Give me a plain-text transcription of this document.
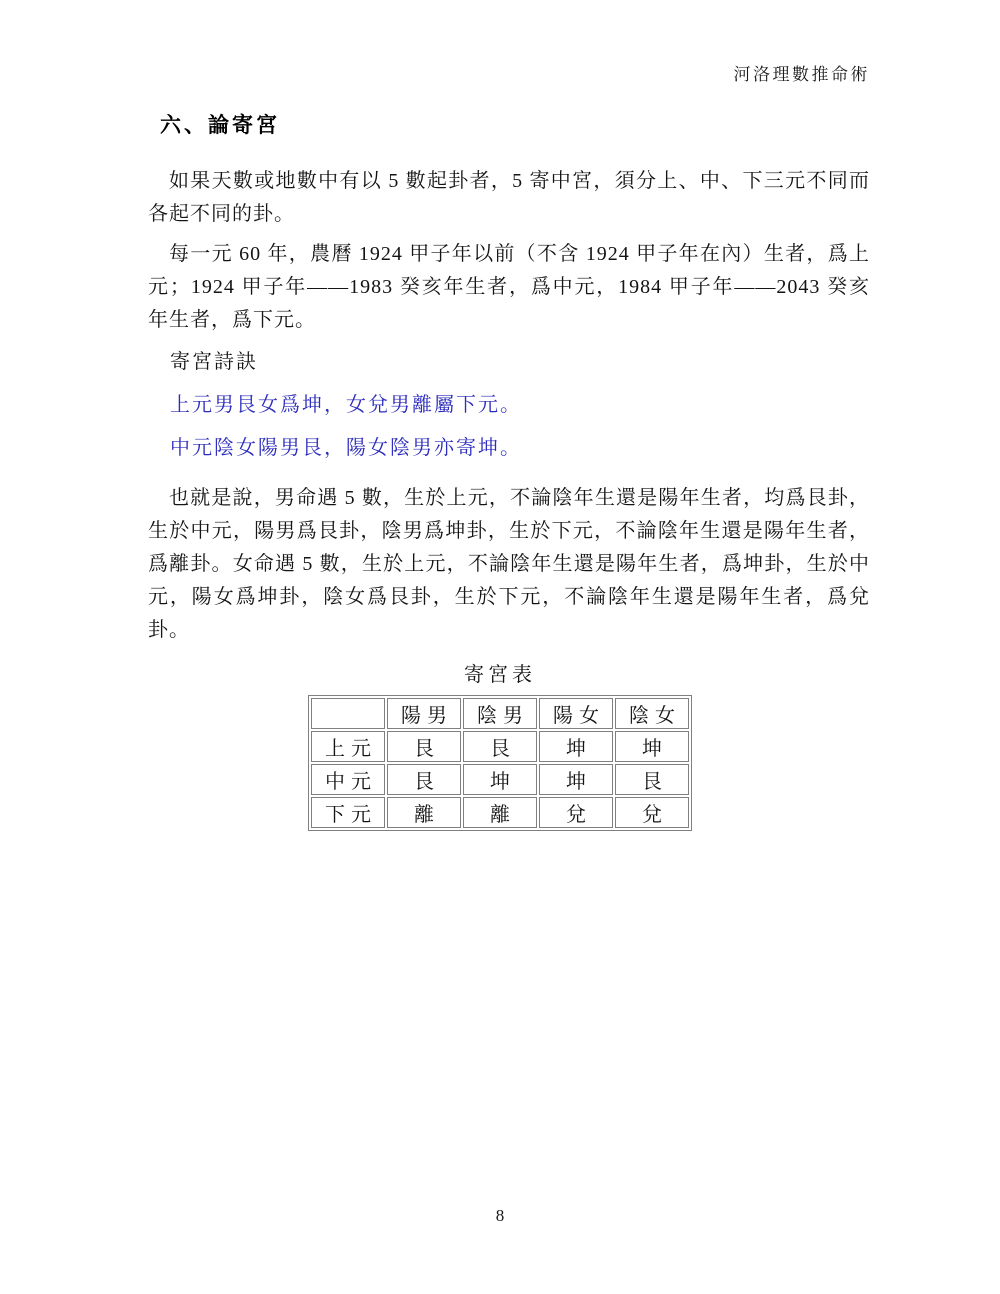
河洛理數推命術
六、論寄宮

如果天數或地數中有以 5 數起卦者，5 寄中宮，須分上、中、下三元不同而各起不同的卦。

每一元 60 年，農曆 1924 甲子年以前（不含 1924 甲子年在內）生者，爲上元；1924 甲子年——1983 癸亥年生者，爲中元，1984 甲子年——2043 癸亥年生者，爲下元。

寄宮詩訣
上元男艮女爲坤，女兌男離屬下元。
中元陰女陽男艮，陽女陰男亦寄坤。

也就是說，男命遇 5 數，生於上元，不論陰年生還是陽年生者，均爲艮卦，生於中元，陽男爲艮卦，陰男爲坤卦，生於下元，不論陰年生還是陽年生者，爲離卦。女命遇 5 數，生於上元，不論陰年生還是陽年生者，爲坤卦，生於中元，陽女爲坤卦，陰女爲艮卦，生於下元，不論陰年生還是陽年生者，爲兌卦。

寄宮表
	陽男	陰男	陽女	陰女
上元	艮	艮	坤	坤
中元	艮	坤	坤	艮
下元	離	離	兌	兌
8
